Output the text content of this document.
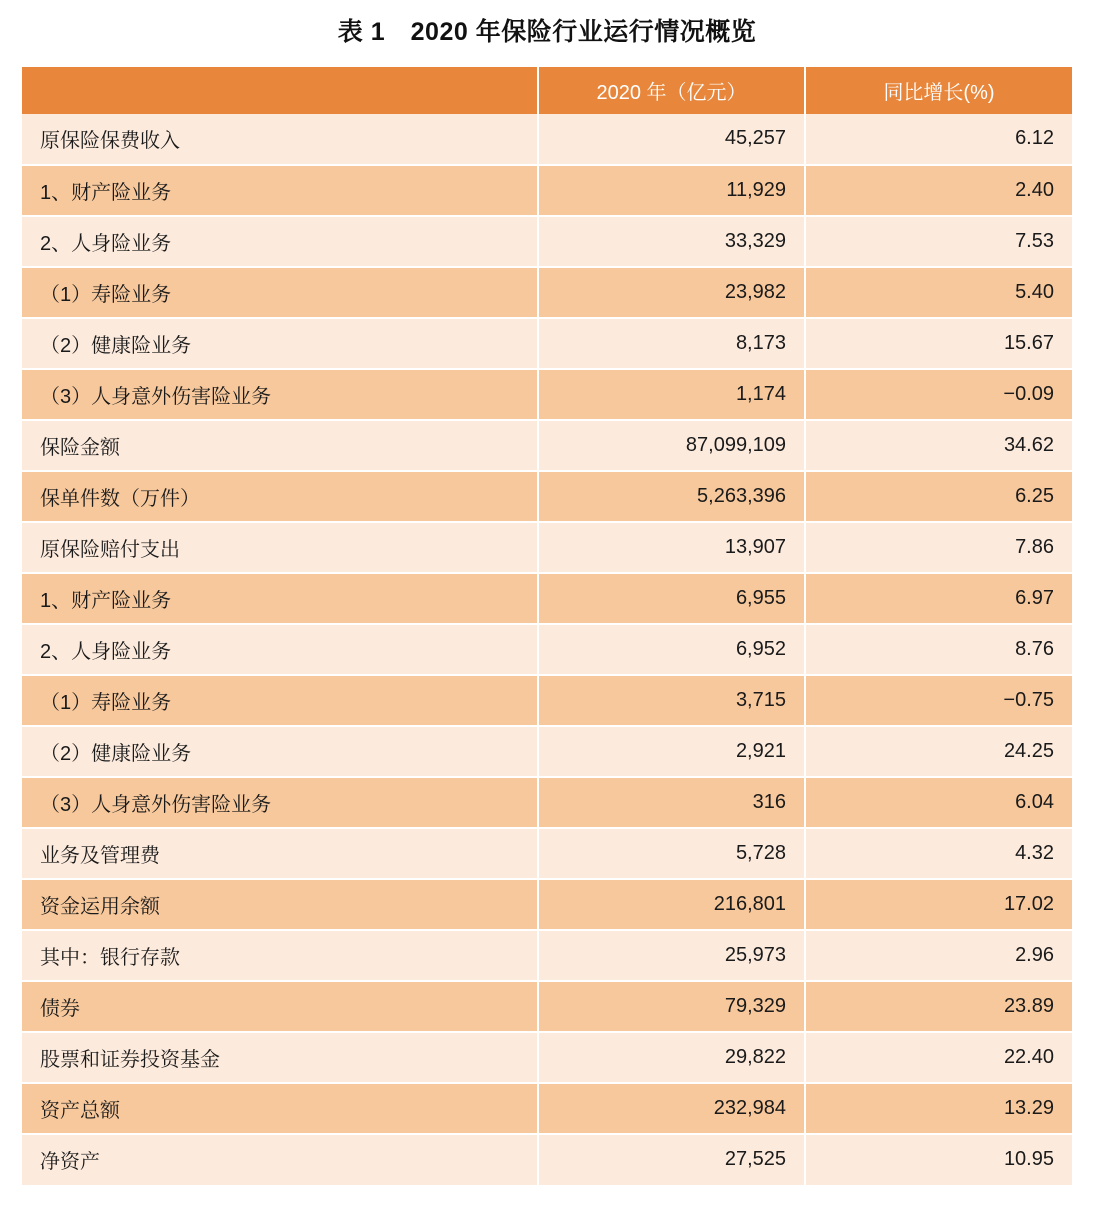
表 1　2020 年保险行业运行情况概览
	2020 年（亿元）	同比增长(%)
原保险保费收入	45,257	6.12
1、财产险业务	11,929	2.40
2、人身险业务	33,329	7.53
（1）寿险业务	23,982	5.40
（2）健康险业务	8,173	15.67
（3）人身意外伤害险业务	1,174	−0.09
保险金额	87,099,109	34.62
保单件数（万件）	5,263,396	6.25
原保险赔付支出	13,907	7.86
1、财产险业务	6,955	6.97
2、人身险业务	6,952	8.76
（1）寿险业务	3,715	−0.75
（2）健康险业务	2,921	24.25
（3）人身意外伤害险业务	316	6.04
业务及管理费	5,728	4.32
资金运用余额	216,801	17.02
其中：银行存款	25,973	2.96
债券	79,329	23.89
股票和证券投资基金	29,822	22.40
资产总额	232,984	13.29
净资产	27,525	10.95
